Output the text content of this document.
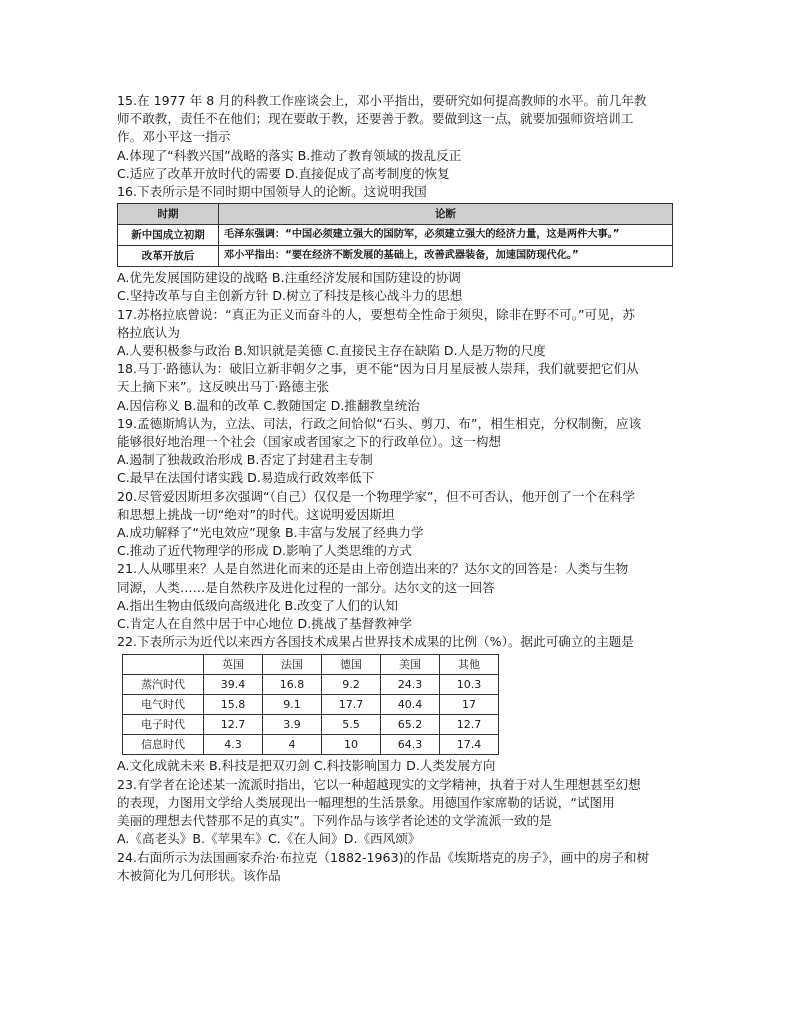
15.在 1977 年 8 月的科教工作座谈会上，邓小平指出，要研究如何提高教师的水平。前几年教

师不敢教，责任不在他们；现在要敢于教，还要善于教。要做到这一点，就要加强师资培训工

作。邓小平这一指示

A.体现了“科教兴国”战略的落实 B.推动了教育领域的拨乱反正

C.适应了改革开放时代的需要 D.直接促成了高考制度的恢复

16.下表所示是不同时期中国领导人的论断。这说明我国

时期	论断
新中国成立初期	毛泽东强调：“中国必须建立强大的国防军，必须建立强大的经济力量，这是两件大事。”
改革开放后	邓小平指出：“要在经济不断发展的基础上，改善武器装备，加速国防现代化。”

A.优先发展国防建设的战略 B.注重经济发展和国防建设的协调

C.坚持改革与自主创新方针 D.树立了科技是核心战斗力的思想

17.苏格拉底曾说：“真正为正义而奋斗的人，要想苟全性命于须臾，除非在野不可。”可见，苏

格拉底认为

A.人要积极参与政治 B.知识就是美德 C.直接民主存在缺陷 D.人是万物的尺度

18.马丁·路德认为：破旧立新非朝夕之事，更不能“因为日月星辰被人崇拜，我们就要把它们从

天上摘下来”。这反映出马丁·路德主张

A.因信称义 B.温和的改革 C.教随国定 D.推翻教皇统治

19.孟德斯鸠认为，立法、司法，行政之间恰似“石头、剪刀、布”，相生相克，分权制衡，应该

能够很好地治理一个社会（国家或者国家之下的行政单位）。这一构想

A.遏制了独裁政治形成 B.否定了封建君主专制

C.最早在法国付诸实践 D.易造成行政效率低下

20.尽管爱因斯坦多次强调“（自己）仅仅是一个物理学家”，但不可否认，他开创了一个在科学

和思想上挑战一切“绝对”的时代。这说明爱因斯坦

A.成功解释了“光电效应”现象 B.丰富与发展了经典力学

C.推动了近代物理学的形成 D.影响了人类思维的方式

21.人从哪里来？人是自然进化而来的还是由上帝创造出来的？达尔文的回答是：人类与生物

同源，人类……是自然秩序及进化过程的一部分。达尔文的这一回答

A.指出生物由低级向高级进化 B.改变了人们的认知

C.肯定人在自然中居于中心地位 D.挑战了基督教神学

22.下表所示为近代以来西方各国技术成果占世界技术成果的比例（%）。据此可确立的主题是

	英国	法国	德国	美国	其他
蒸汽时代	39.4	16.8	9.2	24.3	10.3
电气时代	15.8	9.1	17.7	40.4	17
电子时代	12.7	3.9	5.5	65.2	12.7
信息时代	4.3	4	10	64.3	17.4

A.文化成就未来 B.科技是把双刃剑 C.科技影响国力 D.人类发展方向

23.有学者在论述某一流派时指出，它以一种超越现实的文学精神，执着于对人生理想甚至幻想

的表现，力图用文学给人类展现出一幅理想的生活景象。用德国作家席勒的话说，“试图用

美丽的理想去代替那不足的真实”。下列作品与该学者论述的文学流派一致的是

A.《高老头》B.《苹果车》C.《在人间》D.《西风颂》

24.右面所示为法国画家乔治·布拉克（1882-1963)的作品《埃斯塔克的房子》，画中的房子和树

木被简化为几何形状。该作品
